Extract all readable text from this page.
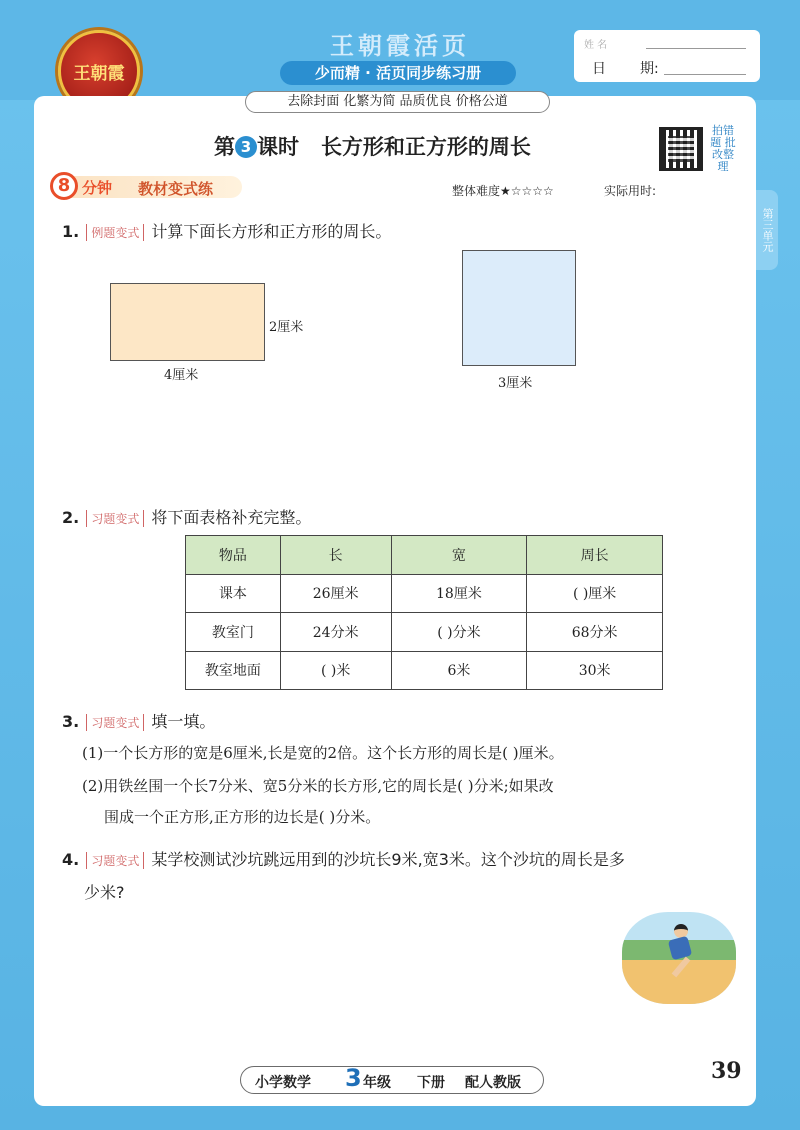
王朝霞
王朝霞活页
少而精 · 活页同步练习册
姓 名
日 期:
去除封面 化繁为简 品质优良 价格公道
第三单元
第 3 课时 长方形和正方形的周长
拍错题 批改整理
8 分钟 教材变式练	整体难度★☆☆☆☆	实际用时:
1. 例题变式 计算下面长方形和正方形的周长。
4厘米
2厘米
3厘米
2. 习题变式 将下面表格补充完整。
物品	长	宽	周长
课本	26厘米	18厘米	( )厘米
教室门	24分米	( )分米	68分米
教室地面	( )米	6米	30米
3. 习题变式 填一填。
(1)一个长方形的宽是6厘米,长是宽的2倍。这个长方形的周长是( )厘米。
(2)用铁丝围一个长7分米、宽5分米的长方形,它的周长是( )分米;如果改
围成一个正方形,正方形的边长是( )分米。
4. 习题变式 某学校测试沙坑跳远用到的沙坑长9米,宽3米。这个沙坑的周长是多
少米?
小学数学 3 年级 下册 配人教版	39
